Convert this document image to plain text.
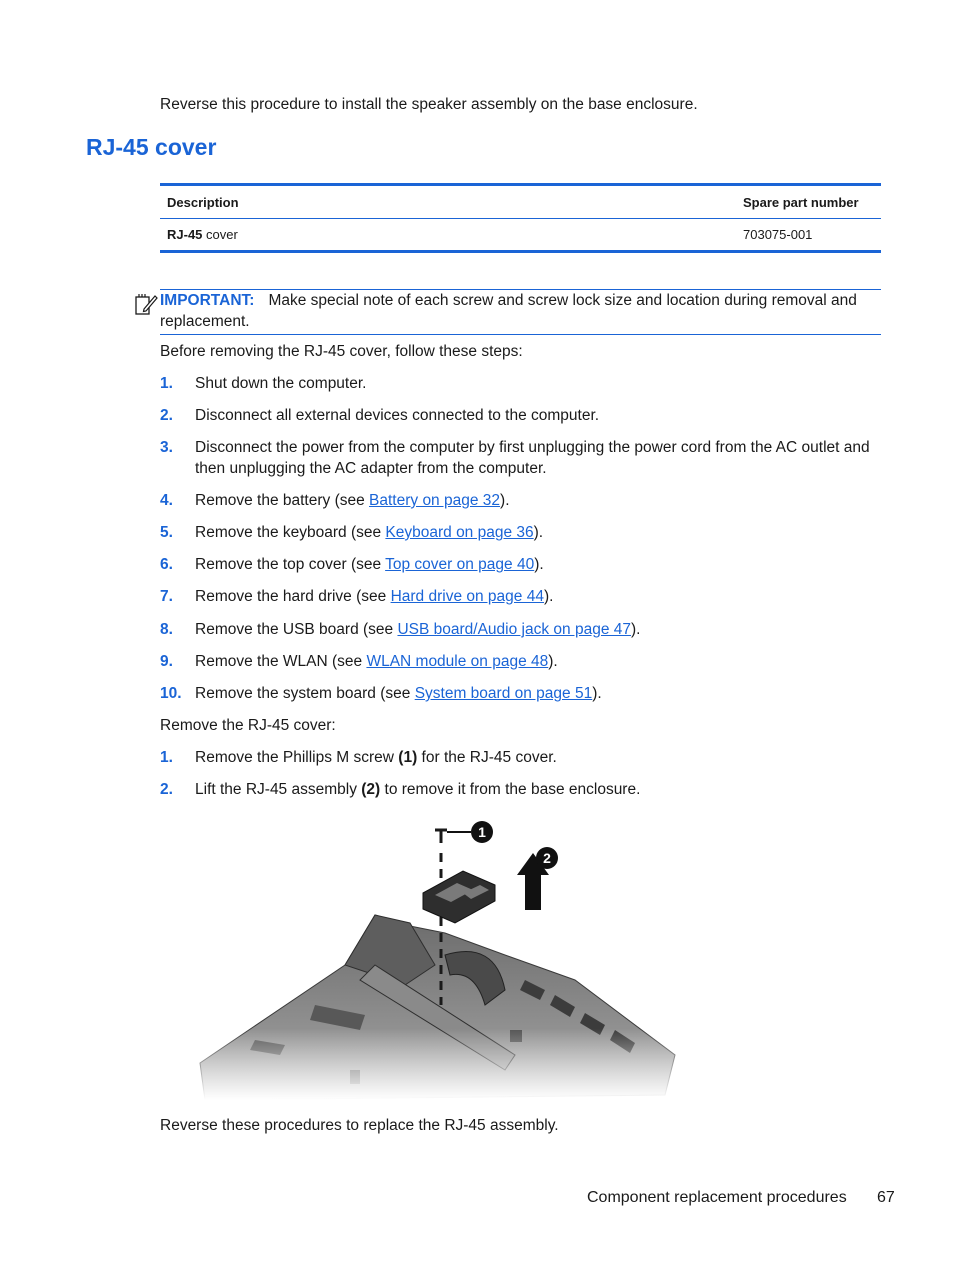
Reverse this procedure to install the speaker assembly on the base enclosure.
RJ-45 cover
Description	Spare part number
RJ-45 cover	703075-001
IMPORTANT: Make special note of each screw and screw lock size and location during removal and replacement.
Before removing the RJ-45 cover, follow these steps:
1.	Shut down the computer.
2.	Disconnect all external devices connected to the computer.
3.	Disconnect the power from the computer by first unplugging the power cord from the AC outlet and then unplugging the AC adapter from the computer.
4.	Remove the battery (see Battery on page 32).
5.	Remove the keyboard (see Keyboard on page 36).
6.	Remove the top cover (see Top cover on page 40).
7.	Remove the hard drive (see Hard drive on page 44).
8.	Remove the USB board (see USB board/Audio jack on page 47).
9.	Remove the WLAN (see WLAN module on page 48).
10. Remove the system board (see System board on page 51).
Remove the RJ-45 cover:
1.	Remove the Phillips M screw (1) for the RJ-45 cover.
2.	Lift the RJ-45 assembly (2) to remove it from the base enclosure.
1
2
Reverse these procedures to replace the RJ-45 assembly.
Component replacement procedures 67
